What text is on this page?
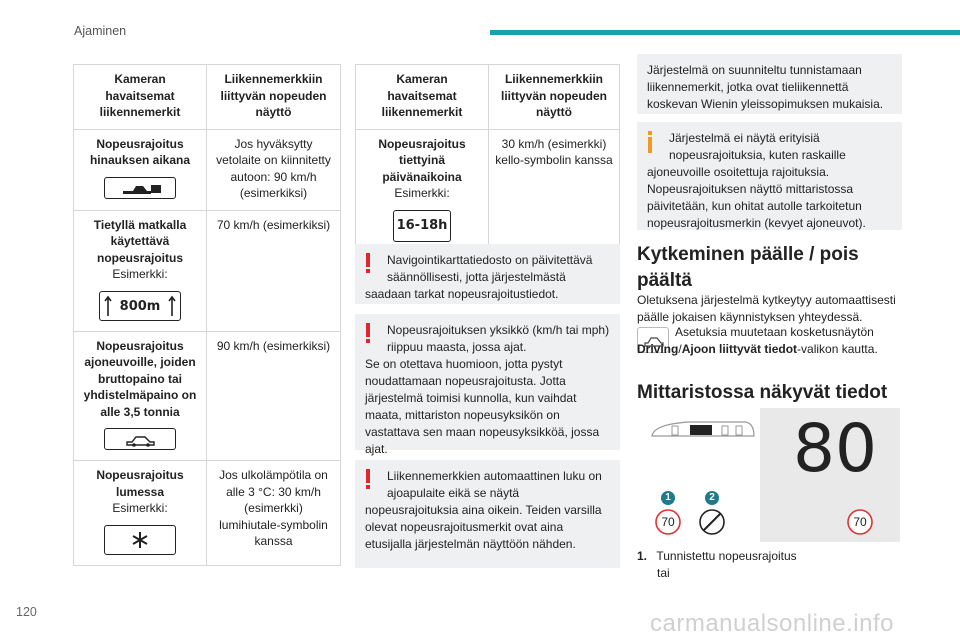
Ajaminen
Kameran havaitsemat liikennemerkit	Liikennemerkkiin liittyvän nopeuden näyttö

Nopeusrajoitus hinauksen aikana	Jos hyväksytty vetolaite on kiinnitetty autoon: 90 km/h (esimerkiksi)

Tietyllä matkalla käytettävä nopeusrajoitus
Esimerkki:
800m	70 km/h (esimerkiksi)

Nopeusrajoitus ajoneuvoille, joiden bruttopaino tai yhdistelmäpaino on alle 3,5 tonnia	90 km/h (esimerkiksi)

Nopeusrajoitus lumessa
Esimerkki:	Jos ulkolämpötila on alle 3 °C: 30 km/h (esimerkki) lumihiutale-symbolin kanssa
Kameran havaitsemat liikennemerkit	Liikennemerkkiin liittyvän nopeuden näyttö

Nopeusrajoitus tiettyinä päivänaikoina
Esimerkki:
16-18h	30 km/h (esimerkki) kello-symbolin kanssa
Navigointikarttatiedosto on päivitettävä säännöllisesti, jotta järjestelmästä
saadaan tarkat nopeusrajoitustiedot.
Nopeusrajoituksen yksikkö (km/h tai mph) riippuu maasta, jossa ajat.
Se on otettava huomioon, jotta pystyt noudattamaan nopeusrajoitusta. Jotta järjestelmä toimisi kunnolla, kun vaihdat maata, mittariston nopeusyksikön on vastattava sen maan nopeusyksikköä, jossa ajat.
Liikennemerkkien automaattinen luku on ajoapulaite eikä se näytä
nopeusrajoituksia aina oikein. Teiden varsilla olevat nopeusrajoitusmerkit ovat aina etusijalla järjestelmän näyttöön nähden.
Järjestelmä on suunniteltu tunnistamaan liikennemerkit, jotka ovat tieliikennettä koskevan Wienin yleissopimuksen mukaisia.
Järjestelmä ei näytä erityisiä nopeusrajoituksia, kuten raskaille
ajoneuvoille osoitettuja rajoituksia. Nopeusrajoituksen näyttö mittaristossa päivitetään, kun ohitat autolle tarkoitetun nopeusrajoitusmerkin (kevyet ajoneuvot).
Kytkeminen päälle / pois päältä
Oletuksena järjestelmä kytkeytyy automaattisesti päälle jokaisen käynnistyksen yhteydessä.
Asetuksia muutetaan kosketusnäytön Driving/Ajoon liittyvät tiedot-valikon kautta.
Mittaristossa näkyvät tiedot
80
1	2
70	70
1. Tunnistettu nopeusrajoitus
tai
120	carmanualsonline.info
